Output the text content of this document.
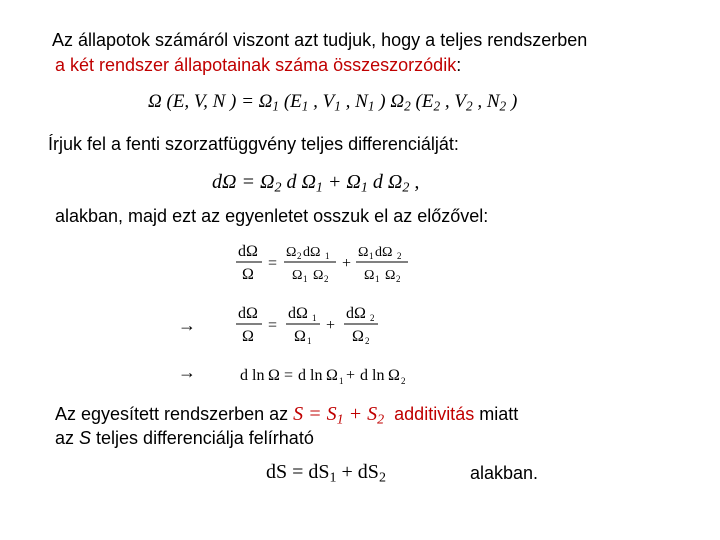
Az állapotok számáról viszont azt tudjuk, hogy a teljes rendszerben
a két rendszer állapotainak száma összeszorzódik:
Ω (E, V, N ) = $\Omega_1$ ($E_1$ , $V_1$ , $N_1$ ) $\Omega_2$ ($E_2$ , $V_2$ , $N_2$ )
Írjuk fel a fenti szorzatfüggvény teljes differenciálját:
$d\Omega = \Omega_2$ d $\Omega_1 + \Omega_1$ d $\Omega_2$ ,
alakban, majd ezt az egyenletet osszuk el az előzővel:
dΩ
Ω
=
Ω 2 dΩ 1
Ω 1 Ω 2
+
Ω 1 dΩ 2
Ω 1 Ω 2
→
dΩ
Ω
=
dΩ 1
Ω 1
+
dΩ 2
Ω 2
→	d ln Ω = d ln Ω 1 + d ln Ω 2
Az egyesített rendszerben az $S = S_1 + S_2$ additivitás miatt
az S teljes differenciálja felírható
dS = $dS_1 + dS_2$	alakban.
